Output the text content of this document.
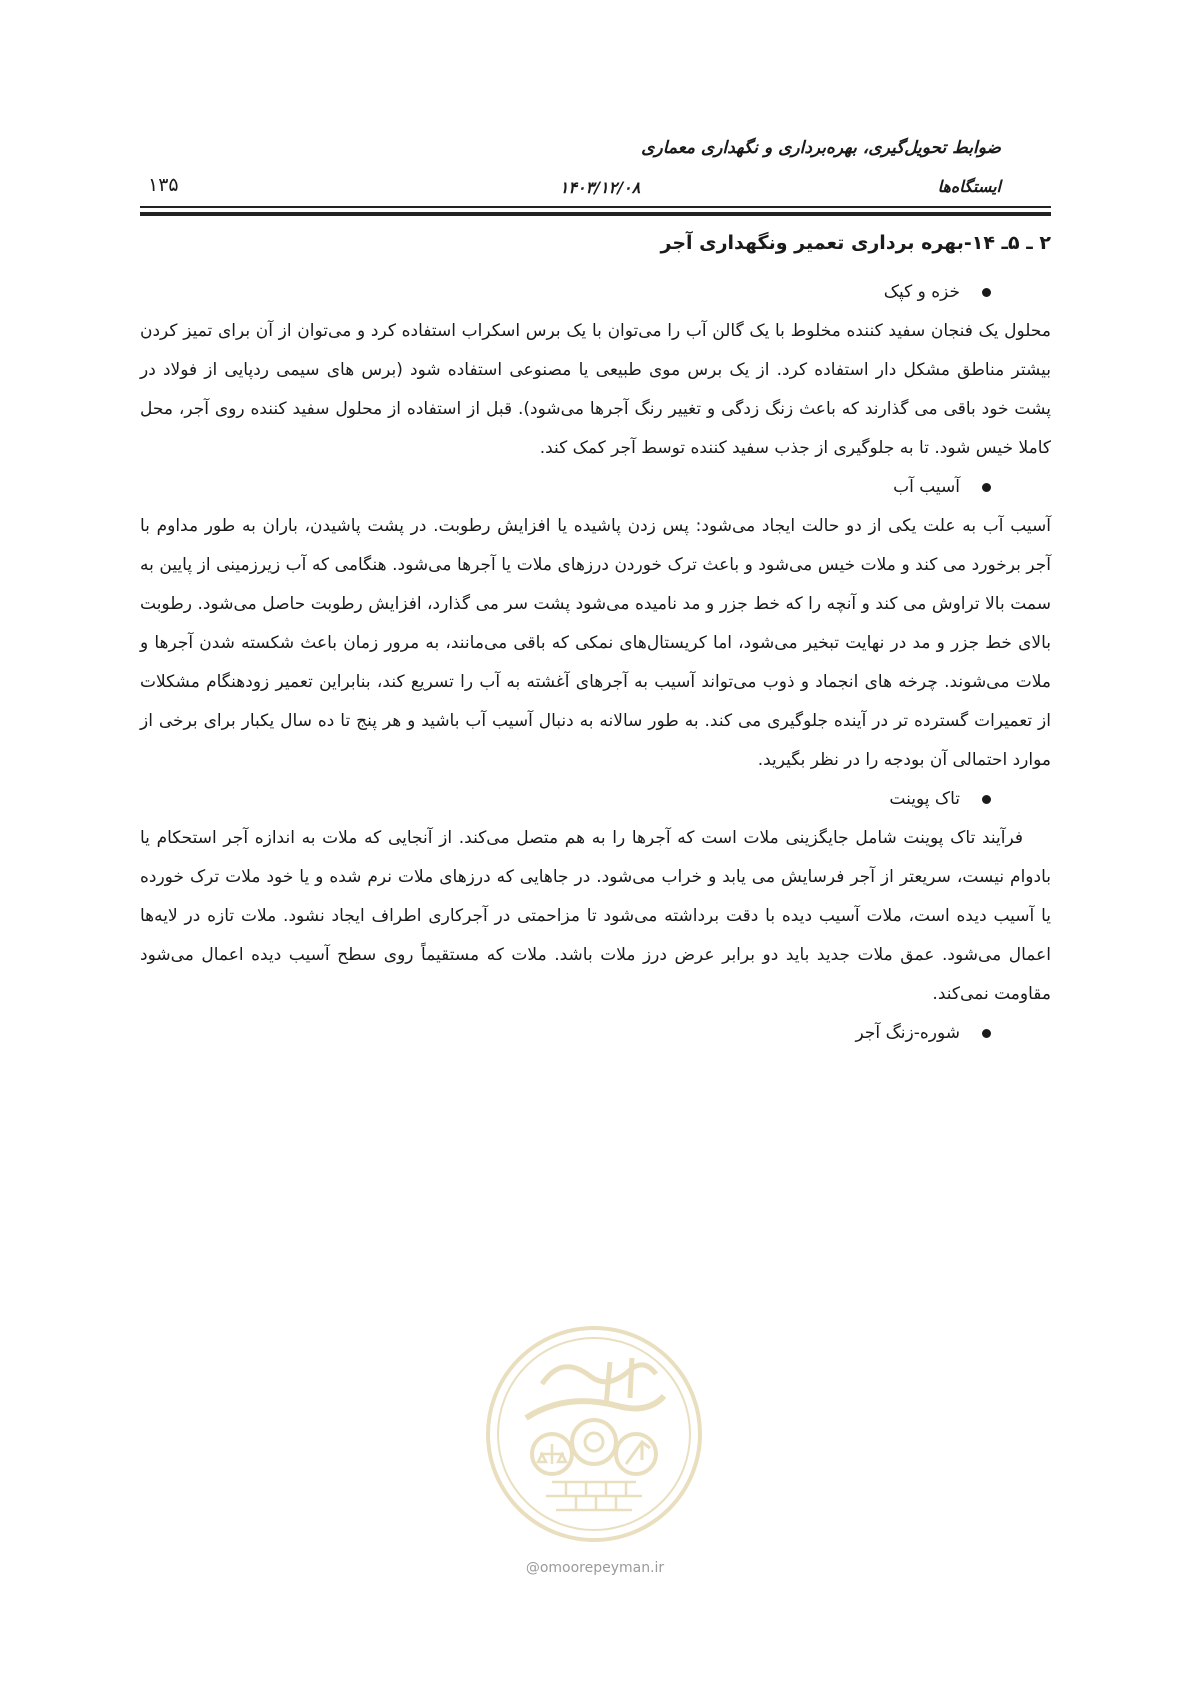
ضوابط تحویل‌گیری، بهره‌برداری و نگهداری معماری
ایستگاه‌ها
۱۴۰۳/۱۲/۰۸
۱۳۵
۲ ـ ۵ـ ۱۴-بهره برداری تعمیر ونگهداری آجر
خزه و کپک

محلول یک فنجان سفید کننده مخلوط با یک گالن آب را می‌توان با یک برس اسکراب استفاده کرد و می‌توان از آن برای تمیز کردن بیشتر مناطق مشکل دار استفاده کرد. از یک برس موی طبیعی یا مصنوعی استفاده شود (برس های سیمی ردپایی از فولاد در پشت خود باقی می گذارند که باعث زنگ زدگی و تغییر رنگ آجرها می‌شود). قبل از استفاده از محلول سفید کننده روی آجر، محل کاملا خیس شود. تا به جلوگیری از جذب سفید کننده توسط آجر کمک کند.

آسیب آب

آسیب آب به علت یکی از دو حالت ایجاد می‌شود: پس زدن پاشیده یا افزایش رطوبت. در پشت پاشیدن، باران به طور مداوم با آجر برخورد می کند و ملات خیس می‌شود و باعث ترک خوردن درزهای ملات یا آجرها می‌شود. هنگامی که آب زیرزمینی از پایین به سمت بالا تراوش می کند و آنچه را که خط جزر و مد نامیده می‌شود پشت سر می گذارد، افزایش رطوبت حاصل می‌شود. رطوبت بالای خط جزر و مد در نهایت تبخیر می‌شود، اما کریستال‌های نمکی که باقی می‌مانند، به مرور زمان باعث شکسته شدن آجرها و ملات می‌شوند. چرخه های انجماد و ذوب می‌تواند آسیب به آجرهای آغشته به آب را تسریع کند، بنابراین تعمیر زودهنگام مشکلات از تعمیرات گسترده تر در آینده جلوگیری می کند. به طور سالانه به دنبال آسیب آب باشید و هر پنج تا ده سال یکبار برای برخی از موارد احتمالی آن بودجه را در نظر بگیرید.

تاک پوینت

فرآیند تاک پوینت شامل جایگزینی ملات است که آجرها را به هم متصل می‌کند. از آنجایی که ملات به اندازه آجر استحکام یا بادوام نیست، سریعتر از آجر فرسایش می یابد و خراب می‌شود. در جاهایی که درزهای ملات نرم شده و یا خود ملات ترک خورده یا آسیب دیده است، ملات آسیب دیده با دقت برداشته می‌شود تا مزاحمتی در آجرکاری اطراف ایجاد نشود. ملات تازه در لایه‌ها اعمال می‌شود. عمق ملات جدید باید دو برابر عرض درز ملات باشد. ملات که مستقیماً روی سطح آسیب دیده اعمال می‌شود مقاومت نمی‌کند.

شوره-زنگ آجر
@omoorepeyman.ir
